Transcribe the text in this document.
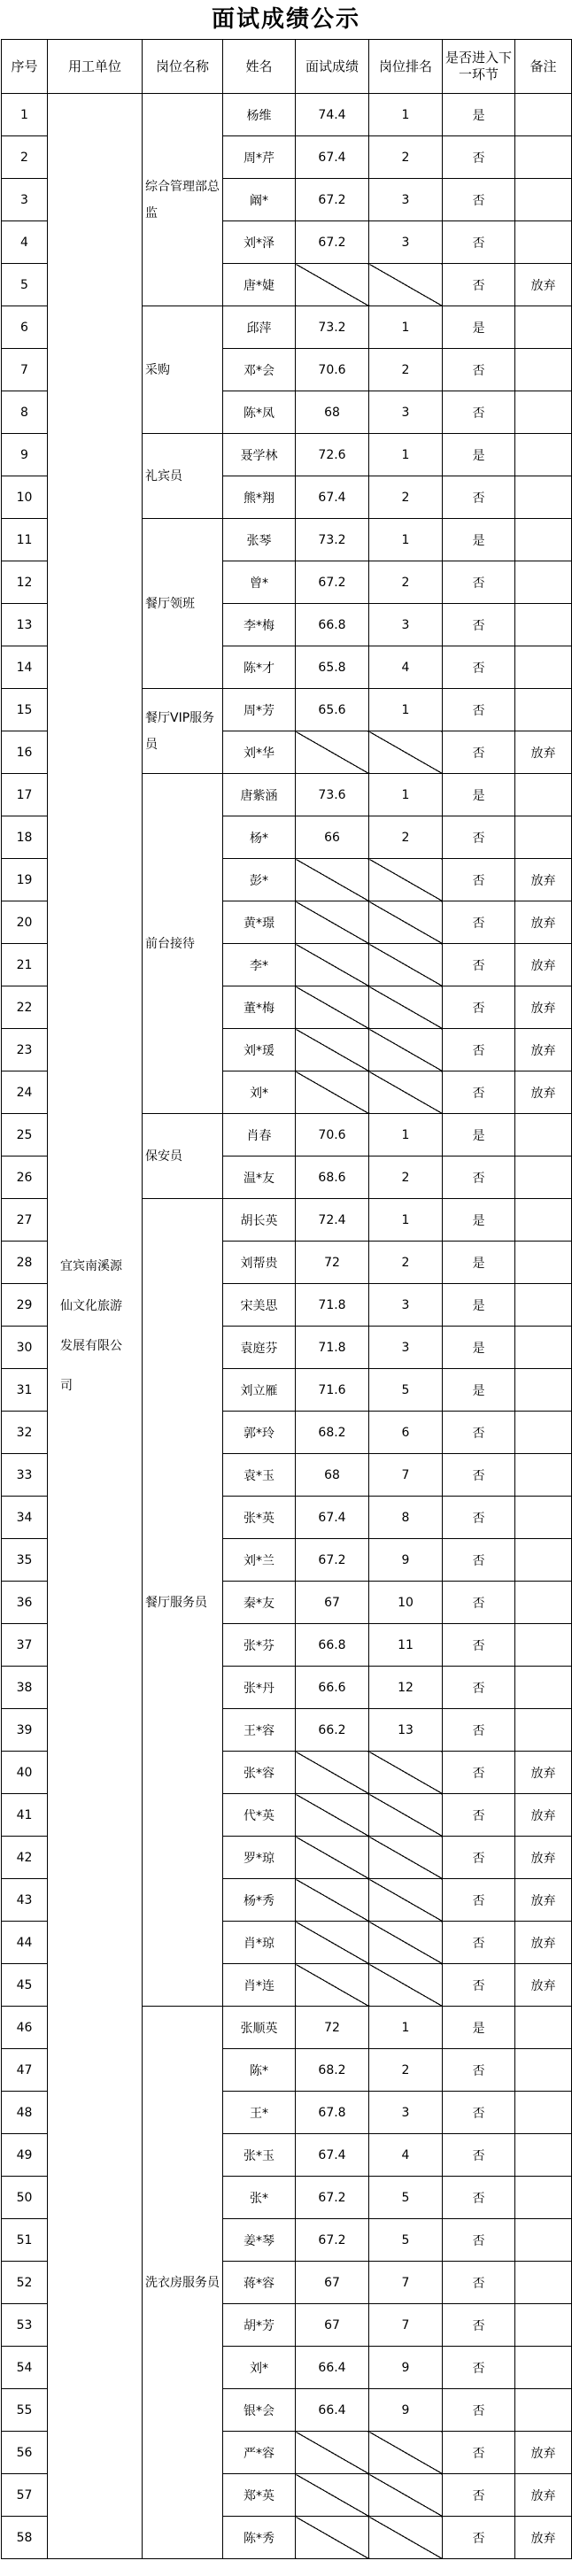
面试成绩公示
序号	用工单位	岗位名称	姓名	面试成绩	岗位排名	是否进入下一环节	备注
1	宜宾南溪源仙文化旅游发展有限公司	综合管理部总监	杨维	74.4	1	是	
2			周*芹	67.4	2	否	
3			阚*	67.2	3	否	
4			刘*泽	67.2	3	否	
5			唐*婕			否	放弃
6		采购	邱萍	73.2	1	是	
7			邓*会	70.6	2	否	
8			陈*凤	68	3	否	
9		礼宾员	聂学林	72.6	1	是	
10			熊*翔	67.4	2	否	
11		餐厅领班	张琴	73.2	1	是	
12			曾*	67.2	2	否	
13			李*梅	66.8	3	否	
14			陈*才	65.8	4	否	
15		餐厅VIP服务员	周*芳	65.6	1	否	
16			刘*华			否	放弃
17		前台接待	唐紫涵	73.6	1	是	
18			杨*	66	2	否	
19			彭*			否	放弃
20			黄*璟			否	放弃
21			李*			否	放弃
22			董*梅			否	放弃
23			刘*瑗			否	放弃
24			刘*			否	放弃
25		保安员	肖春	70.6	1	是	
26			温*友	68.6	2	否	
27		餐厅服务员	胡长英	72.4	1	是	
28			刘帮贵	72	2	是	
29			宋美思	71.8	3	是	
30			袁庭芬	71.8	3	是	
31			刘立雁	71.6	5	是	
32			郭*玲	68.2	6	否	
33			袁*玉	68	7	否	
34			张*英	67.4	8	否	
35			刘*兰	67.2	9	否	
36			秦*友	67	10	否	
37			张*芬	66.8	11	否	
38			张*丹	66.6	12	否	
39			王*容	66.2	13	否	
40			张*容			否	放弃
41			代*英			否	放弃
42			罗*琼			否	放弃
43			杨*秀			否	放弃
44			肖*琼			否	放弃
45			肖*连			否	放弃
46		洗衣房服务员	张顺英	72	1	是	
47			陈*	68.2	2	否	
48			王*	67.8	3	否	
49			张*玉	67.4	4	否	
50			张*	67.2	5	否	
51			姜*琴	67.2	5	否	
52			蒋*容	67	7	否	
53			胡*芳	67	7	否	
54			刘*	66.4	9	否	
55			银*会	66.4	9	否	
56			严*容			否	放弃
57			郑*英			否	放弃
58			陈*秀			否	放弃
